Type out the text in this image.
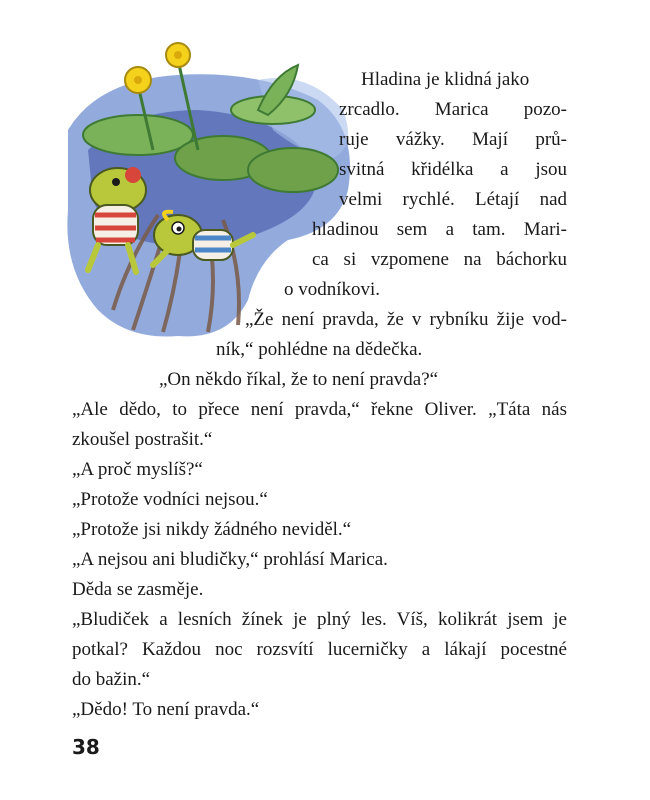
Hladina je klidná jako
zrcadlo. Marica pozo-
ruje vážky. Mají prů-
svitná křidélka a jsou
velmi rychlé. Létají nad
hladinou sem a tam. Mari-
ca si vzpomene na báchorku
o vodníkovi.
„Že není pravda, že v rybníku žije vod-
ník,“ pohlédne na dědečka.
„On někdo říkal, že to není pravda?“
„Ale dědo, to přece není pravda,“ řekne Oliver. „Táta nás
zkoušel postrašit.“
„A proč myslíš?“
„Protože vodníci nejsou.“
„Protože jsi nikdy žádného neviděl.“
„A nejsou ani bludičky,“ prohlásí Marica.
Děda se zasměje.
„Bludiček a lesních žínek je plný les. Víš, kolikrát jsem je
potkal? Každou noc rozsvítí lucerničky a lákají pocestné
do bažin.“
„Dědo! To není pravda.“
38
